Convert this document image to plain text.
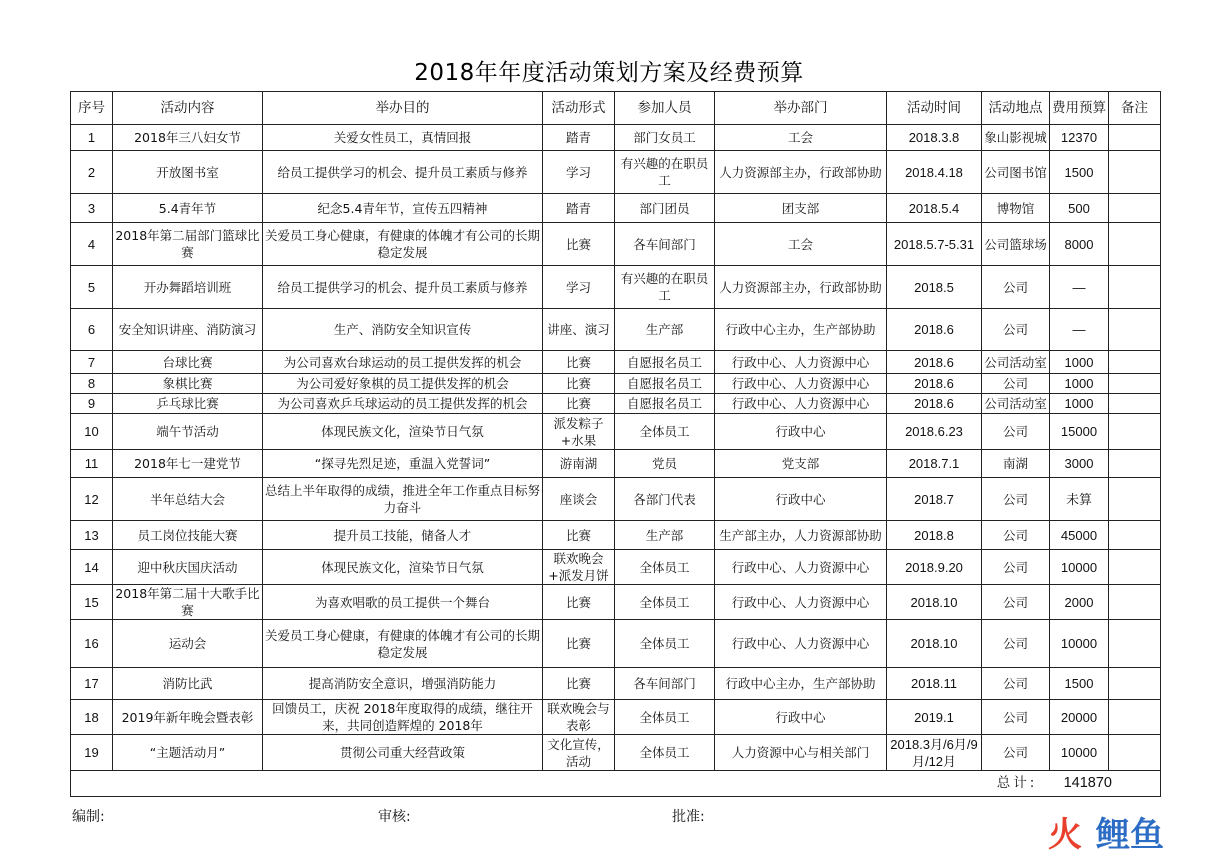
2018年年度活动策划方案及经费预算
序号	活动内容	举办目的	活动形式	参加人员	举办部门	活动时间	活动地点	费用预算	备注
1	2018年三八妇女节	关爱女性员工，真情回报	踏青	部门女员工	工会	2018.3.8	象山影视城	12370	
2	开放图书室	给员工提供学习的机会、提升员工素质与修养	学习	有兴趣的在职员工	人力资源部主办，行政部协助	2018.4.18	公司图书馆	1500	
3	5.4青年节	纪念5.4青年节，宣传五四精神	踏青	部门团员	团支部	2018.5.4	博物馆	500	
4	2018年第二届部门篮球比赛	关爱员工身心健康，有健康的体魄才有公司的长期稳定发展	比赛	各车间部门	工会	2018.5.7-5.31	公司篮球场	8000	
5	开办舞蹈培训班	给员工提供学习的机会、提升员工素质与修养	学习	有兴趣的在职员工	人力资源部主办，行政部协助	2018.5	公司	—	
6	安全知识讲座、消防演习	生产、消防安全知识宣传	讲座、演习	生产部	行政中心主办，生产部协助	2018.6	公司	—	
7	台球比赛	为公司喜欢台球运动的员工提供发挥的机会	比赛	自愿报名员工	行政中心、人力资源中心	2018.6	公司活动室	1000	
8	象棋比赛	为公司爱好象棋的员工提供发挥的机会	比赛	自愿报名员工	行政中心、人力资源中心	2018.6	公司	1000	
9	乒乓球比赛	为公司喜欢乒乓球运动的员工提供发挥的机会	比赛	自愿报名员工	行政中心、人力资源中心	2018.6	公司活动室	1000	
10	端午节活动	体现民族文化，渲染节日气氛	派发粽子+水果	全体员工	行政中心	2018.6.23	公司	15000	
11	2018年七一建党节	“探寻先烈足迹，重温入党誓词”	游南湖	党员	党支部	2018.7.1	南湖	3000	
12	半年总结大会	总结上半年取得的成绩，推进全年工作重点目标努力奋斗	座谈会	各部门代表	行政中心	2018.7	公司	未算	
13	员工岗位技能大赛	提升员工技能，储备人才	比赛	生产部	生产部主办，人力资源部协助	2018.8	公司	45000	
14	迎中秋庆国庆活动	体现民族文化，渲染节日气氛	联欢晚会+派发月饼	全体员工	行政中心、人力资源中心	2018.9.20	公司	10000	
15	2018年第二届十大歌手比赛	为喜欢唱歌的员工提供一个舞台	比赛	全体员工	行政中心、人力资源中心	2018.10	公司	2000	
16	运动会	关爱员工身心健康，有健康的体魄才有公司的长期稳定发展	比赛	全体员工	行政中心、人力资源中心	2018.10	公司	10000	
17	消防比武	提高消防安全意识，增强消防能力	比赛	各车间部门	行政中心主办，生产部协助	2018.11	公司	1500	
18	2019年新年晚会暨表彰	回馈员工，庆祝 2018年度取得的成绩，继往开来，共同创造辉煌的 2018年	联欢晚会与表彰	全体员工	行政中心	2019.1	公司	20000	
19	“主题活动月”	贯彻公司重大经营政策	文化宣传，活动	全体员工	人力资源中心与相关部门	2018.3月/6月/9月/12月	公司	10000	
总计: 141870									
编制:	审核:	批准:	火 鲤鱼
